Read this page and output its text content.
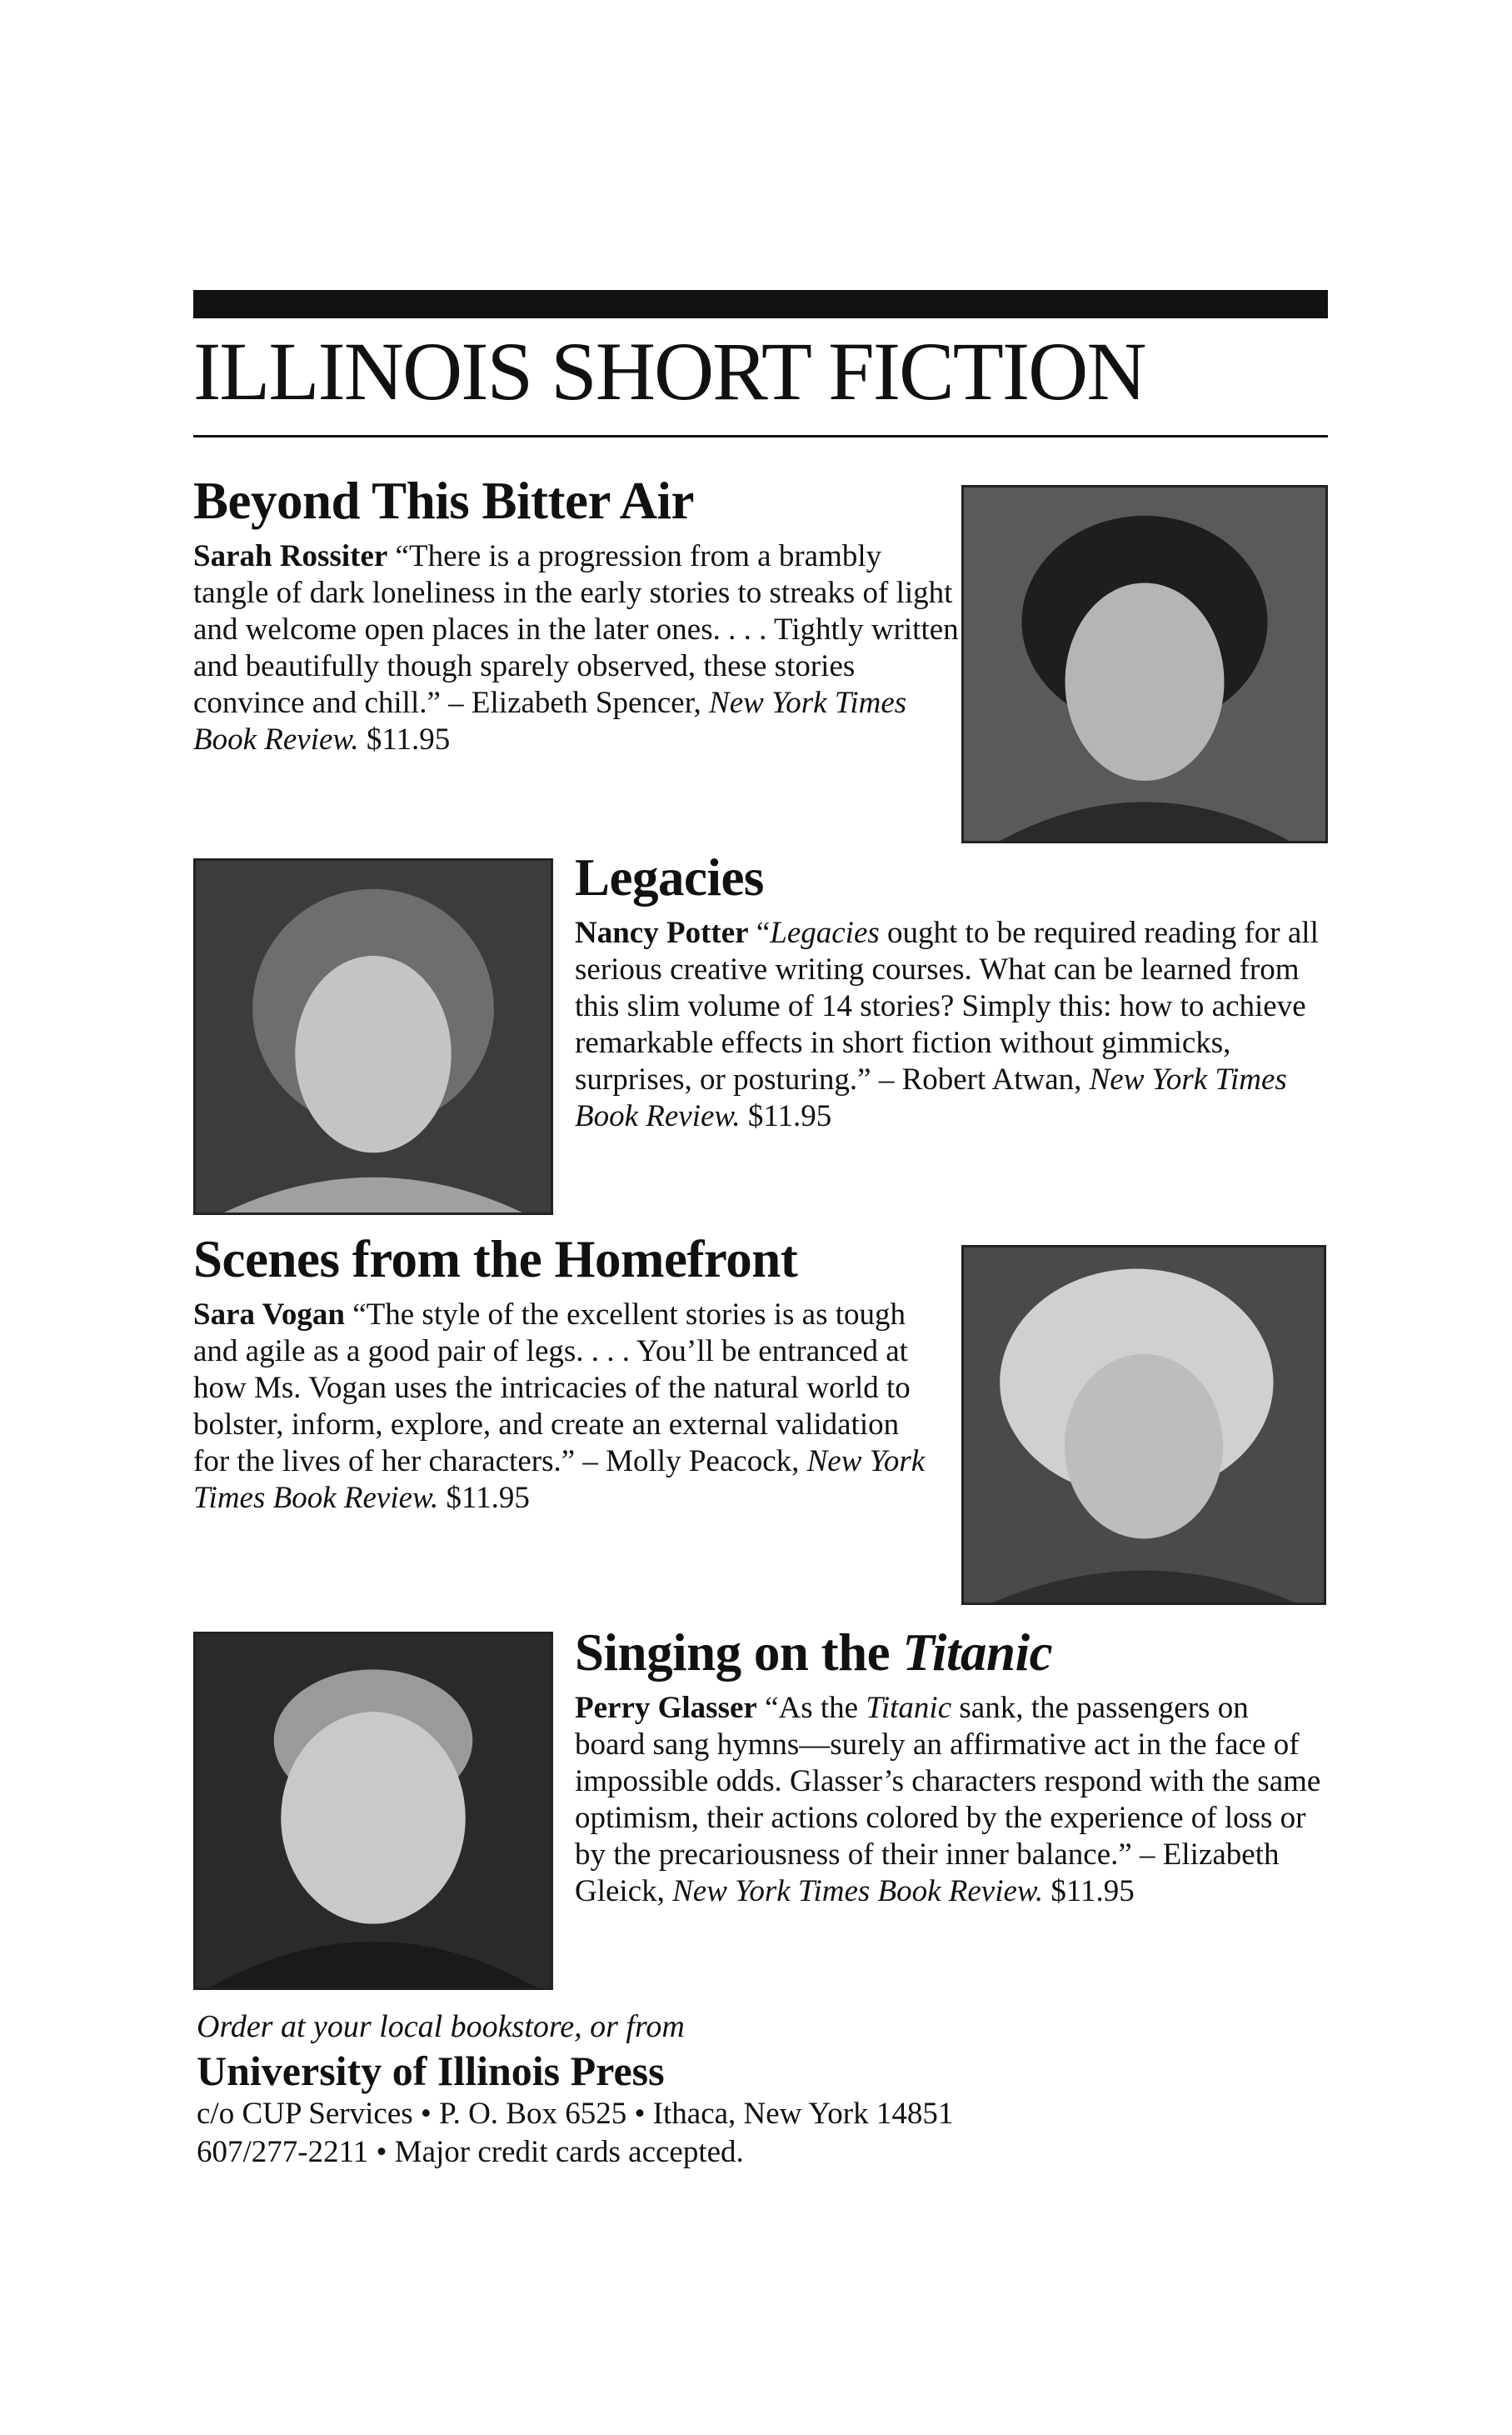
ILLINOIS SHORT FICTION
Beyond This Bitter Air

Sarah Rossiter “There is a progression from a brambly tangle of dark loneliness in the early stories to streaks of light and welcome open places in the later ones. . . . Tightly written and beautifully though sparely observed, these stories convince and chill.” – Elizabeth Spencer, New York Times Book Review. $11.95

Legacies

Nancy Potter “Legacies ought to be required reading for all serious creative writing courses. What can be learned from this slim volume of 14 stories? Simply this: how to achieve remarkable effects in short fiction without gimmicks, surprises, or posturing.” – Robert Atwan, New York Times Book Review. $11.95

Scenes from the Homefront

Sara Vogan “The style of the excellent stories is as tough and agile as a good pair of legs. . . . You’ll be entranced at how Ms. Vogan uses the intricacies of the natural world to bolster, inform, explore, and create an external validation for the lives of her characters.” – Molly Peacock, New York Times Book Review. $11.95

Singing on the Titanic

Perry Glasser “As the Titanic sank, the passengers on board sang hymns—surely an affirmative act in the face of impossible odds. Glasser’s characters respond with the same optimism, their actions colored by the experience of loss or by the precariousness of their inner balance.” – Elizabeth Gleick, New York Times Book Review. $11.95

Order at your local bookstore, or from

University of Illinois Press

c/o CUP Services • P. O. Box 6525 • Ithaca, New York 14851

607/277-2211 • Major credit cards accepted.
